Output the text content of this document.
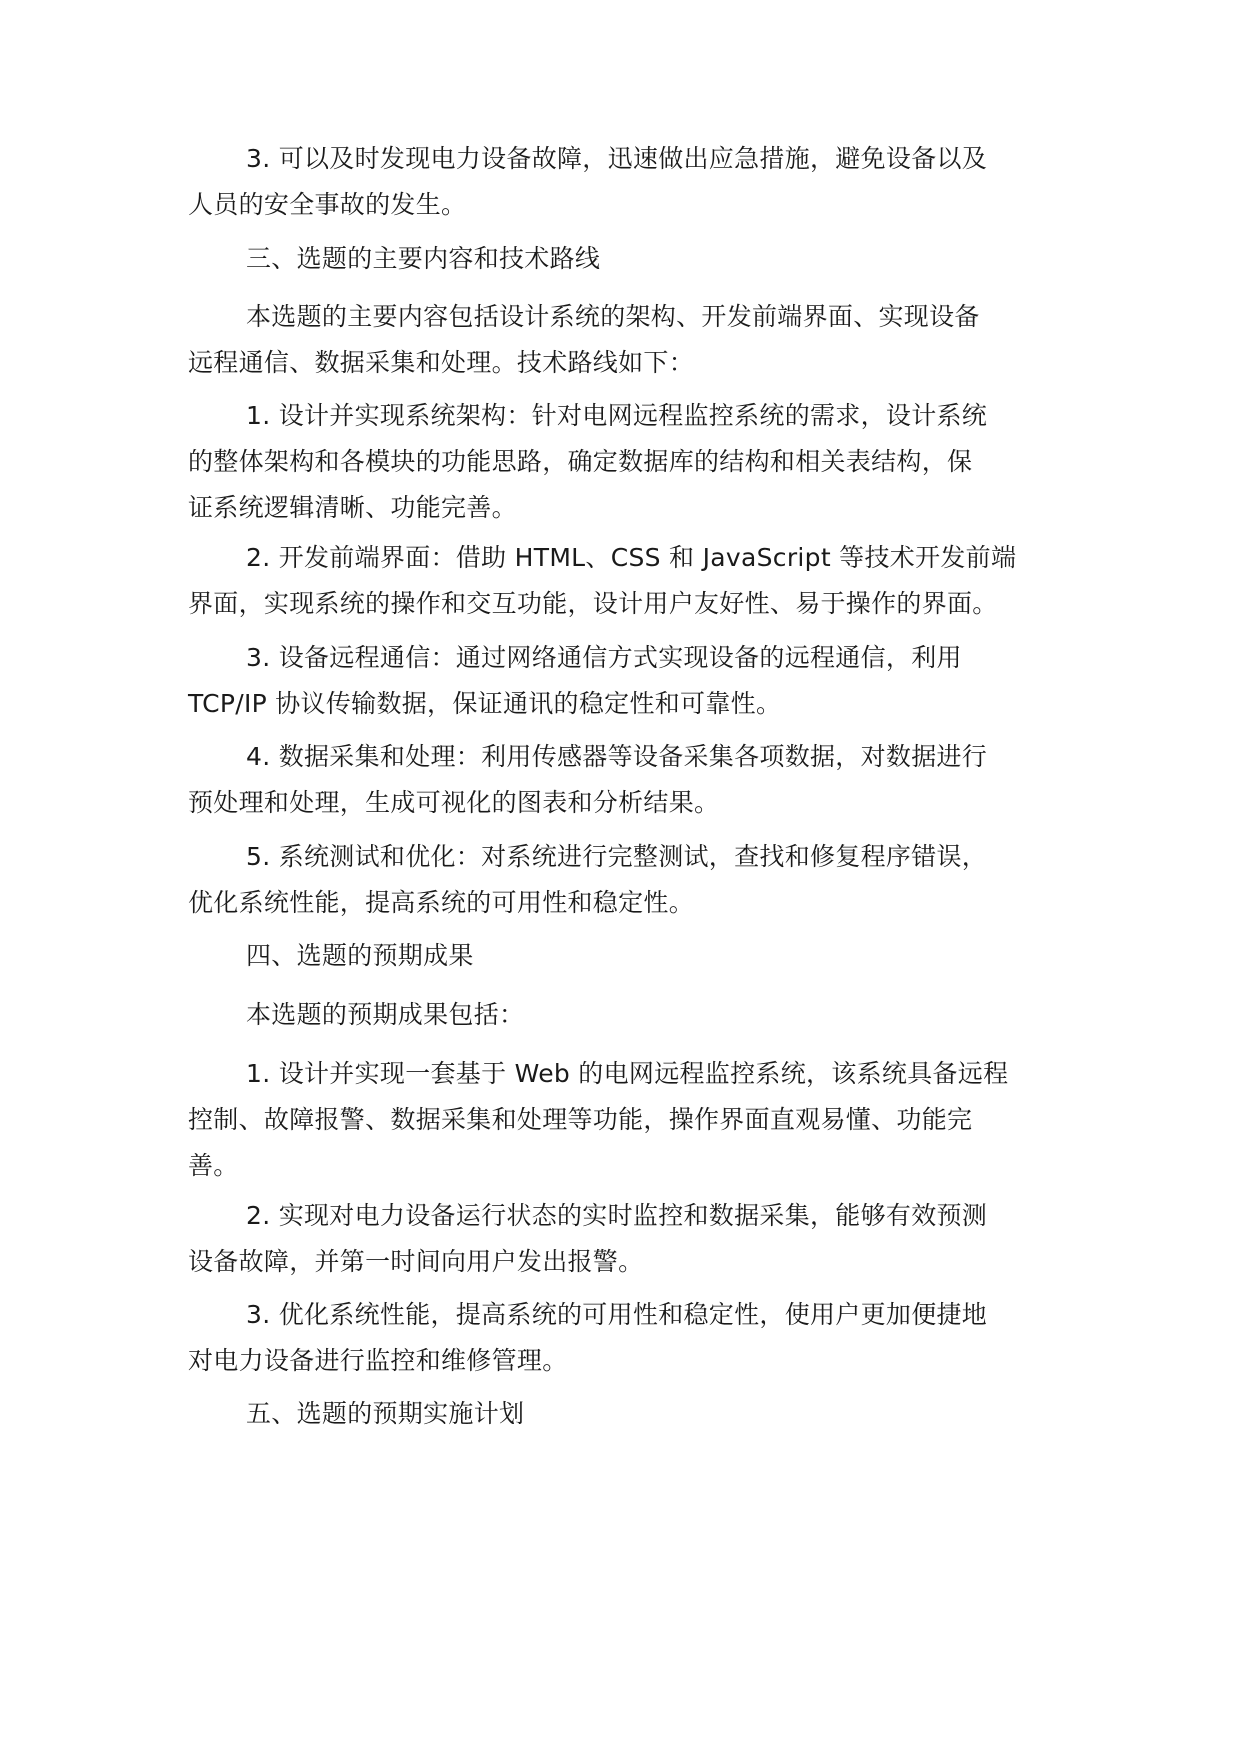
3. 可以及时发现电力设备故障，迅速做出应急措施，避免设备以及
人员的安全事故的发生。

三、选题的主要内容和技术路线

本选题的主要内容包括设计系统的架构、开发前端界面、实现设备
远程通信、数据采集和处理。技术路线如下：

1. 设计并实现系统架构：针对电网远程监控系统的需求，设计系统
的整体架构和各模块的功能思路，确定数据库的结构和相关表结构，保
证系统逻辑清晰、功能完善。

2. 开发前端界面：借助 HTML、CSS 和 JavaScript 等技术开发前端
界面，实现系统的操作和交互功能，设计用户友好性、易于操作的界面。

3. 设备远程通信：通过网络通信方式实现设备的远程通信，利用
TCP/IP 协议传输数据，保证通讯的稳定性和可靠性。

4. 数据采集和处理：利用传感器等设备采集各项数据，对数据进行
预处理和处理，生成可视化的图表和分析结果。

5. 系统测试和优化：对系统进行完整测试，查找和修复程序错误，
优化系统性能，提高系统的可用性和稳定性。

四、选题的预期成果

本选题的预期成果包括：

1. 设计并实现一套基于 Web 的电网远程监控系统，该系统具备远程
控制、故障报警、数据采集和处理等功能，操作界面直观易懂、功能完
善。

2. 实现对电力设备运行状态的实时监控和数据采集，能够有效预测
设备故障，并第一时间向用户发出报警。

3. 优化系统性能，提高系统的可用性和稳定性，使用户更加便捷地
对电力设备进行监控和维修管理。

五、选题的预期实施计划
